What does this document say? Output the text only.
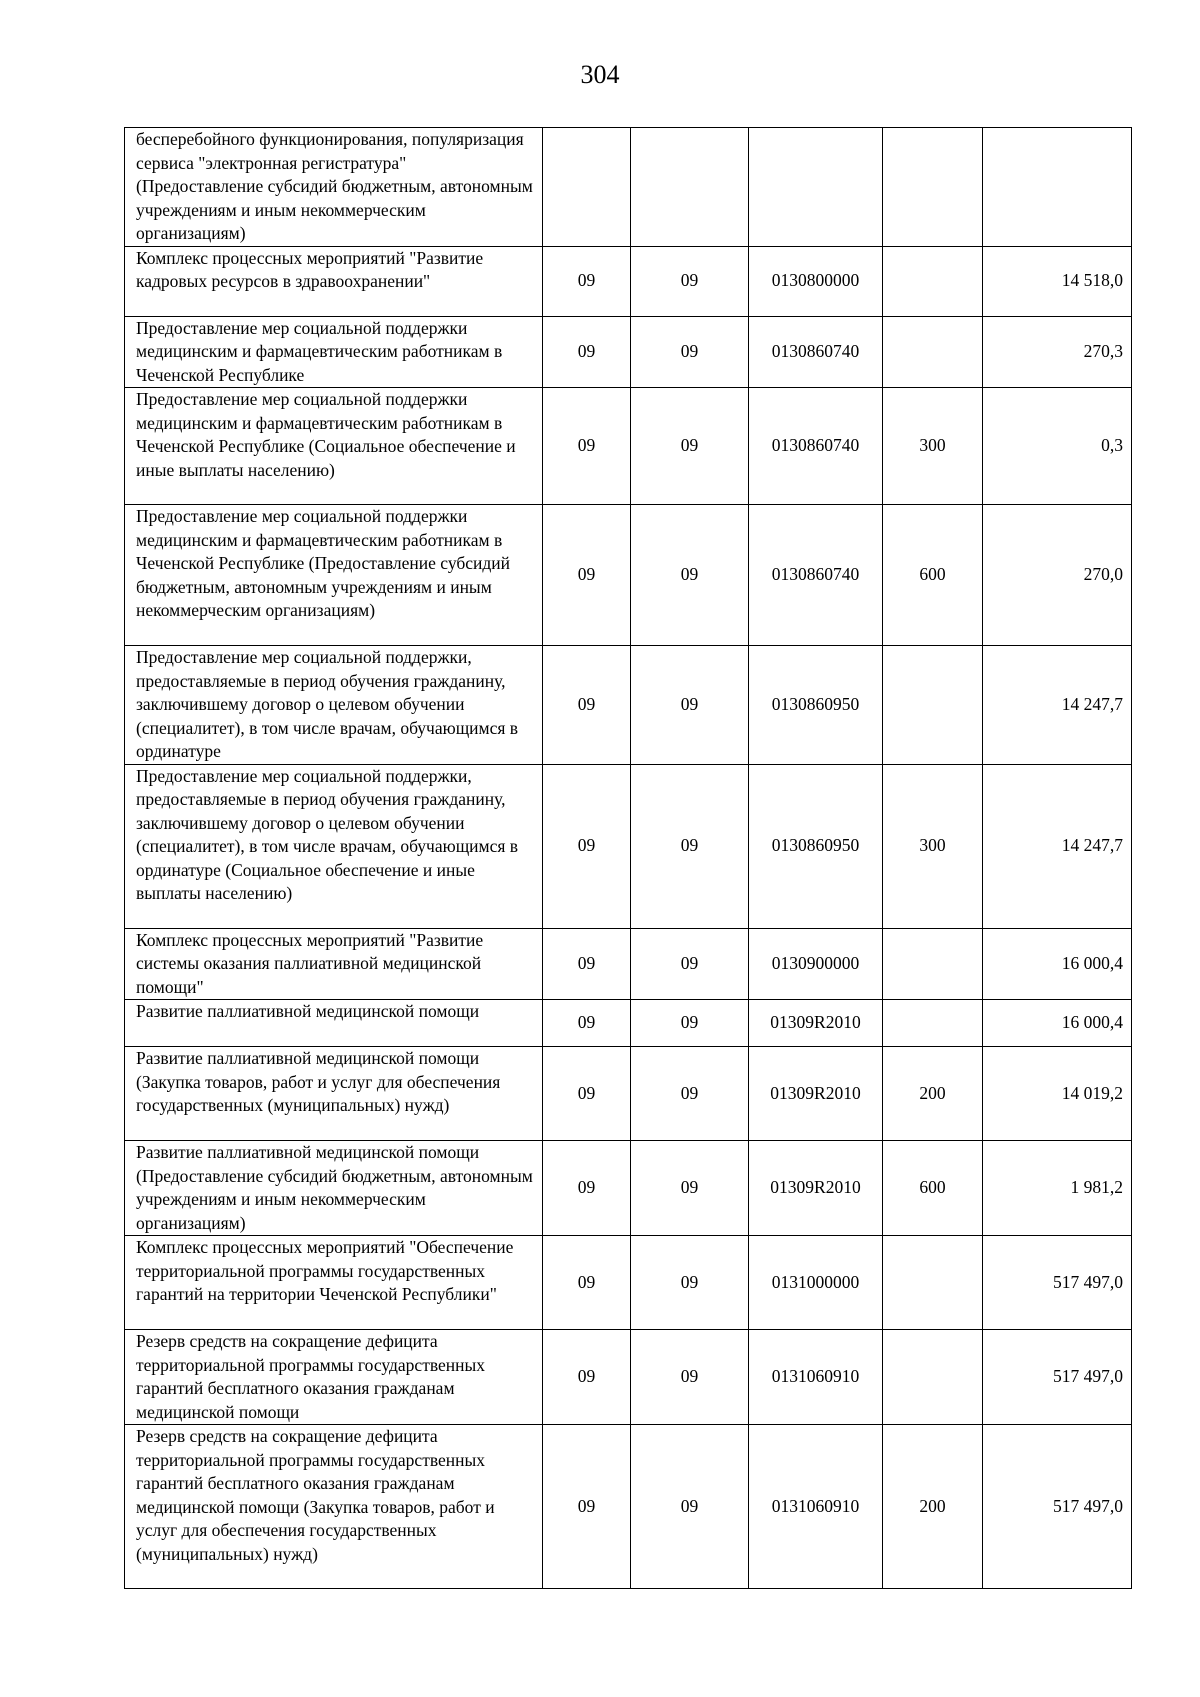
304
бесперебойного функционирования, популяризация сервиса "электронная регистратура" (Предоставление субсидий бюджетным, автономным учреждениям и иным некоммерческим организациям)					
Комплекс процессных мероприятий "Развитие кадровых ресурсов в здравоохранении"	09	09	0130800000		14 518,0
Предоставление мер социальной поддержки медицинским и фармацевтическим работникам в Чеченской Республике	09	09	0130860740		270,3
Предоставление мер социальной поддержки медицинским и фармацевтическим работникам в Чеченской Республике (Социальное обеспечение и иные выплаты населению)	09	09	0130860740	300	0,3
Предоставление мер социальной поддержки медицинским и фармацевтическим работникам в Чеченской Республике (Предоставление субсидий бюджетным, автономным учреждениям и иным некоммерческим организациям)	09	09	0130860740	600	270,0
Предоставление мер социальной поддержки, предоставляемые в период обучения гражданину, заключившему договор о целевом обучении (специалитет), в том числе врачам, обучающимся в ординатуре	09	09	0130860950		14 247,7
Предоставление мер социальной поддержки, предоставляемые в период обучения гражданину, заключившему договор о целевом обучении (специалитет), в том числе врачам, обучающимся в ординатуре (Социальное обеспечение и иные выплаты населению)	09	09	0130860950	300	14 247,7
Комплекс процессных мероприятий "Развитие системы оказания паллиативной медицинской помощи"	09	09	0130900000		16 000,4
Развитие паллиативной медицинской помощи	09	09	01309R2010		16 000,4
Развитие паллиативной медицинской помощи (Закупка товаров, работ и услуг для обеспечения государственных (муниципальных) нужд)	09	09	01309R2010	200	14 019,2
Развитие паллиативной медицинской помощи (Предоставление субсидий бюджетным, автономным учреждениям и иным некоммерческим организациям)	09	09	01309R2010	600	1 981,2
Комплекс процессных мероприятий "Обеспечение территориальной программы государственных гарантий на территории Чеченской Республики"	09	09	0131000000		517 497,0
Резерв средств на сокращение дефицита территориальной программы государственных гарантий бесплатного оказания гражданам медицинской помощи	09	09	0131060910		517 497,0
Резерв средств на сокращение дефицита территориальной программы государственных гарантий бесплатного оказания гражданам медицинской помощи (Закупка товаров, работ и услуг для обеспечения государственных (муниципальных) нужд)	09	09	0131060910	200	517 497,0
